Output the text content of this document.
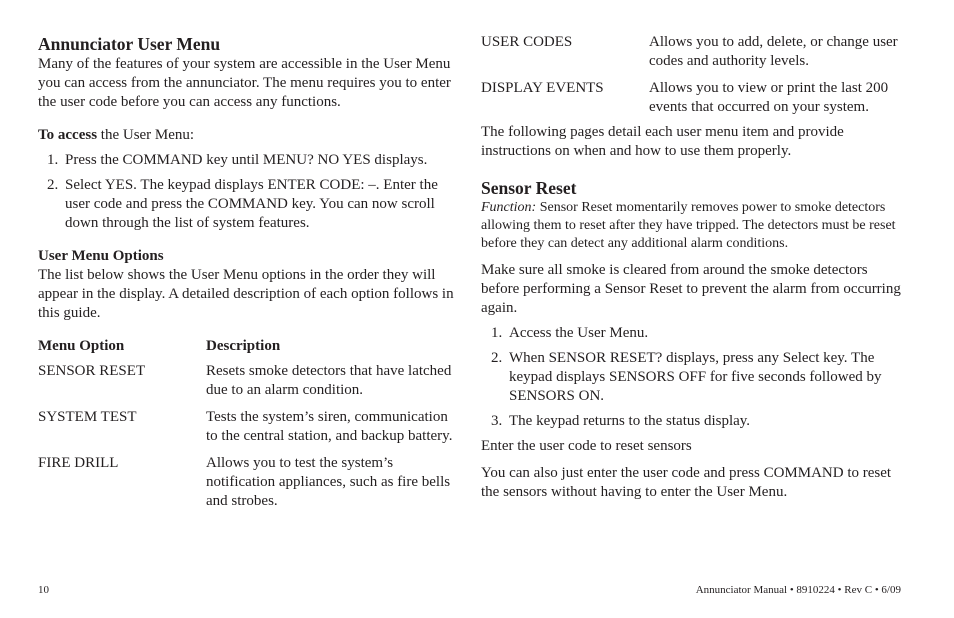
Annunciator User Menu

Many of the features of your system are accessible in the User Menu you can access from the annunciator. The menu requires you to enter the user code before you can access any functions.

To access the User Menu:

1. Press the COMMAND key until MENU? NO YES displays.
2. Select YES. The keypad displays ENTER CODE: –. Enter the user code and press the COMMAND key. You can now scroll down through the list of system features.
User Menu Options

The list below shows the User Menu options in the order they will appear in the display. A detailed description of each option follows in this guide.

Menu Option	Description
SENSOR RESET	Resets smoke detectors that have latched due to an alarm condition.
SYSTEM TEST	Tests the system’s siren, communication to the central station, and backup battery.
FIRE DRILL	Allows you to test the system’s notification appliances, such as fire bells and strobes.
USER CODES	Allows you to add, delete, or change user codes and authority levels.
DISPLAY EVENTS	Allows you to view or print the last 200 events that occurred on your system.

The following pages detail each user menu item and provide instructions on when and how to use them properly.

Sensor Reset

Function: Sensor Reset momentarily removes power to smoke detectors allowing them to reset after they have tripped. The detectors must be reset before they can detect any additional alarm conditions.

Make sure all smoke is cleared from around the smoke detectors before performing a Sensor Reset to prevent the alarm from occurring again.

1. Access the User Menu.
2. When SENSOR RESET? displays, press any Select key. The keypad displays SENSORS OFF for five seconds followed by SENSORS ON.
3. The keypad returns to the status display.

Enter the user code to reset sensors

You can also just enter the user code and press COMMAND to reset the sensors without having to enter the User Menu.

10	Annunciator Manual • 8910224 • Rev C • 6/09
